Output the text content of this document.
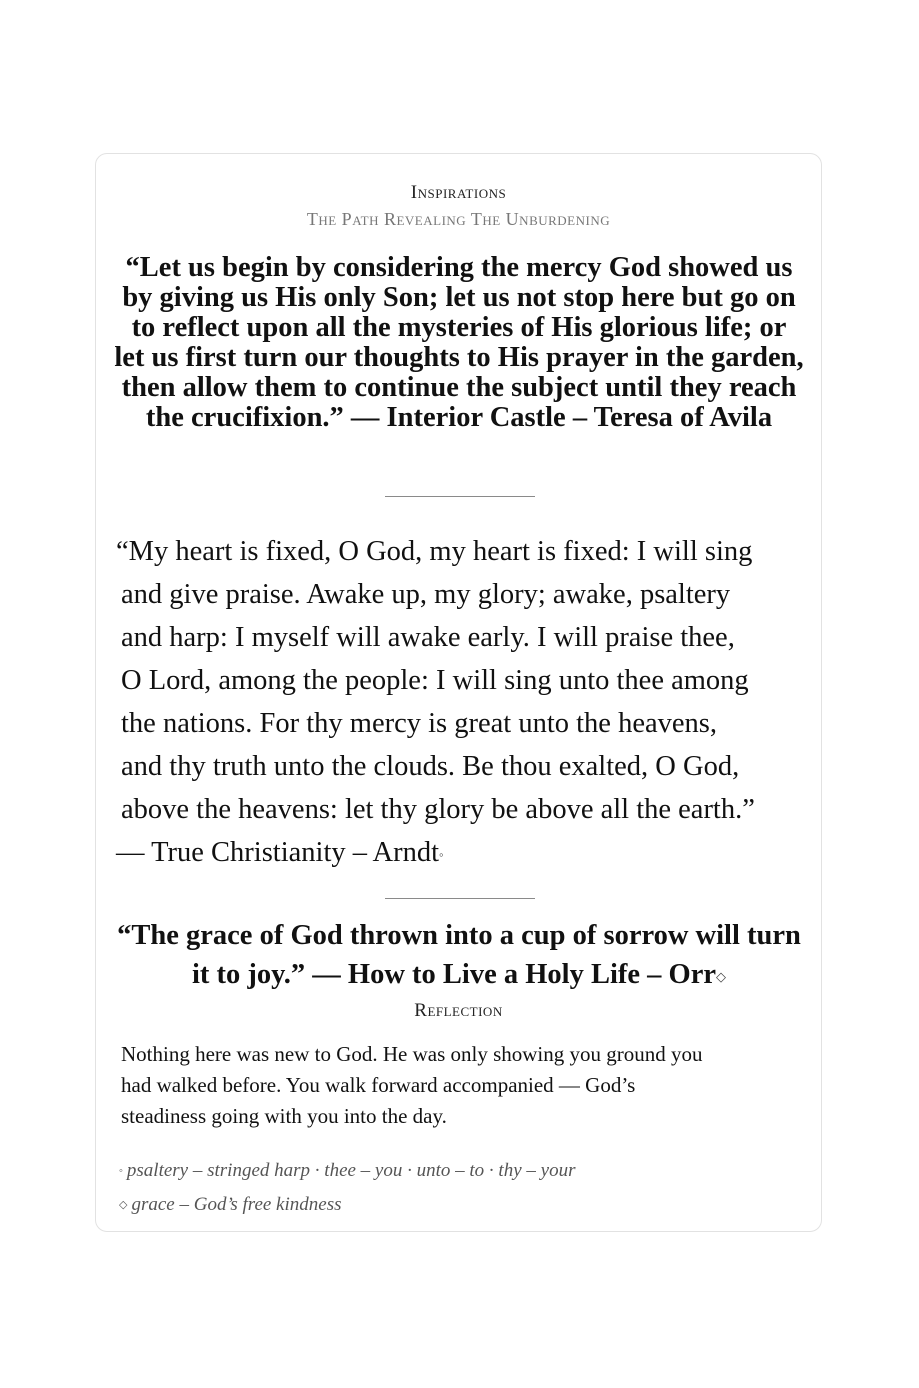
Inspirations
The Path Revealing The Unburdening
“Let us begin by considering the mercy God showed us by giving us His only Son; let us not stop here but go on to reflect upon all the mysteries of His glorious life; or let us first turn our thoughts to His prayer in the garden, then allow them to continue the subject until they reach the crucifixion.” — Interior Castle – Teresa of Avila
“My heart is fixed, O God, my heart is fixed: I will sing
and give praise. Awake up, my glory; awake, psaltery
and harp: I myself will awake early. I will praise thee,
O Lord, among the people: I will sing unto thee among
the nations. For thy mercy is great unto the heavens,
and thy truth unto the clouds. Be thou exalted, O God,
above the heavens: let thy glory be above all the earth.”
— True Christianity – Arndt◦
“The grace of God thrown into a cup of sorrow will turn it to joy.” — How to Live a Holy Life – Orr◇
Reflection
Nothing here was new to God. He was only showing you ground you
had walked before. You walk forward accompanied — God’s
steadiness going with you into the day.
◦ psaltery – stringed harp · thee – you · unto – to · thy – your
◇ grace – God’s free kindness
